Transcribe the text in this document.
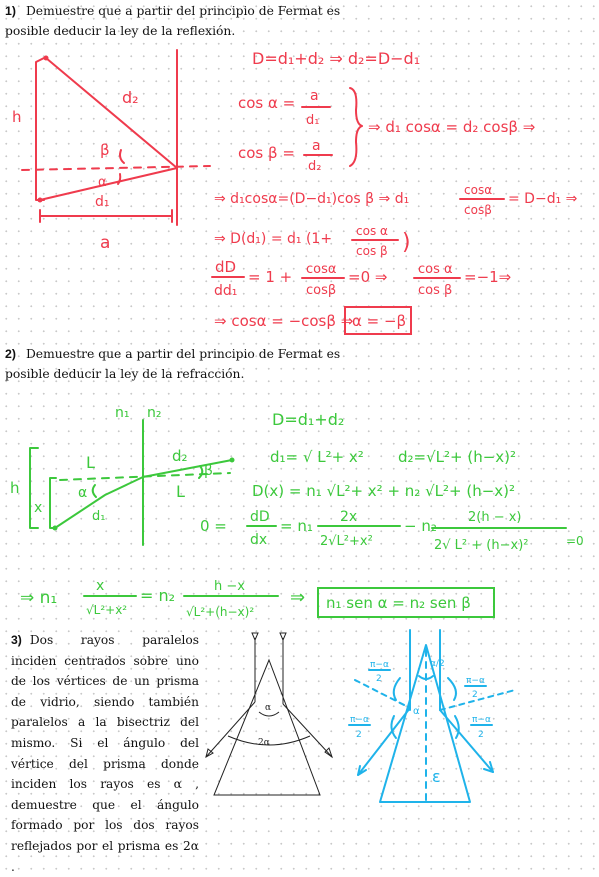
1) Demuestre que a partir del principio de Fermat es
posible deducir la ley de la reflexión.
2) Demuestre que a partir del principio de Fermat es
posible deducir la ley de la refracción.
3) Dos rayos paralelos inciden centrados sobre uno de los vértices de un prisma de vidrio, siendo también paralelos a la bisectriz del mismo. Si el ángulo del vértice del prisma donde inciden los rayos es α , demuestre que el ángulo formado por los dos rayos reflejados por el prisma es 2α .
h
d₂
β
α
d₁
a
D=d₁+d₂ ⇒ d₂=D−d₁
cos α = a
d₁
cos β = a
d₂
⇒ d₁ cosα = d₂ cosβ ⇒
⇒ d₁cosα=(D−d₁)cos β ⇒ d₁
cosα
cosβ
= D−d₁ ⇒
⇒ D(d₁) = d₁ (1+ cos α
cos β )
dD
dd₁
= 1 + cosα
cosβ
=0 ⇒ cos α
cos β
=−1⇒
⇒ cosα = −cosβ ⇒
α = −β
n₁ n₂
L
L
d₂
β
α
h
x
d₁
D=d₁+d₂
d₁= √ L²+ x² d₂=√L²+ (h−x)²
D(x) = n₁ √L²+ x² + n₂ √L²+ (h−x)²
0 = dD
dx
= n₁ 2x
2√L²+x²
− n₂ 2(h − x)
2√ L² + (h−x)²	=0
⇒ n₁
x
√L²+x²
= n₂	h −x
√L²+(h−x)²
⇒ n₁ sen α = n₂ sen β
α
2α
π−α
2	π−α
2
π−α
2
π−α
2
α/2
α
ε
